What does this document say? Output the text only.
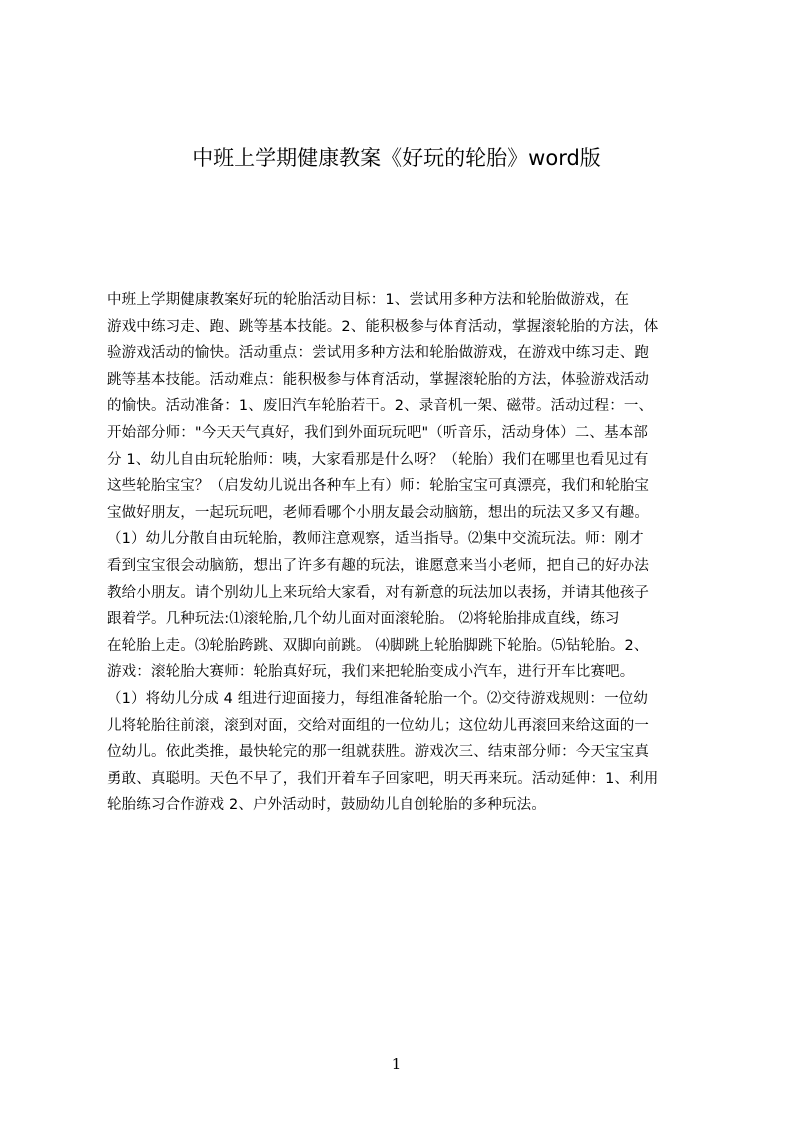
中班上学期健康教案《好玩的轮胎》word版
中班上学期健康教案好玩的轮胎活动目标：1、尝试用多种方法和轮胎做游戏，在
游戏中练习走、跑、跳等基本技能。2、能积极参与体育活动，掌握滚轮胎的方法，体
验游戏活动的愉快。活动重点：尝试用多种方法和轮胎做游戏，在游戏中练习走、跑
跳等基本技能。活动难点：能积极参与体育活动，掌握滚轮胎的方法，体验游戏活动
的愉快。活动准备：1、废旧汽车轮胎若干。2、录音机一架、磁带。活动过程：一、
开始部分师："今天天气真好，我们到外面玩玩吧"（听音乐，活动身体）二、基本部
分 1、幼儿自由玩轮胎师：咦，大家看那是什么呀？（轮胎）我们在哪里也看见过有
这些轮胎宝宝？（启发幼儿说出各种车上有）师：轮胎宝宝可真漂亮，我们和轮胎宝
宝做好朋友，一起玩玩吧，老师看哪个小朋友最会动脑筋，想出的玩法又多又有趣。
（1）幼儿分散自由玩轮胎，教师注意观察，适当指导。⑵集中交流玩法。师：刚才
看到宝宝很会动脑筋，想出了许多有趣的玩法，谁愿意来当小老师，把自己的好办法
教给小朋友。请个别幼儿上来玩给大家看，对有新意的玩法加以表扬，并请其他孩子
跟着学。几种玩法:⑴滚轮胎,几个幼儿面对面滚轮胎。 ⑵将轮胎排成直线，练习
在轮胎上走。⑶轮胎跨跳、双脚向前跳。 ⑷脚跳上轮胎脚跳下轮胎。⑸钻轮胎。2、
游戏：滚轮胎大赛师：轮胎真好玩，我们来把轮胎变成小汽车，进行开车比赛吧。
（1）将幼儿分成 4 组进行迎面接力，每组准备轮胎一个。⑵交待游戏规则：一位幼
儿将轮胎往前滚，滚到对面，交给对面组的一位幼儿；这位幼儿再滚回来给这面的一
位幼儿。依此类推，最快轮完的那一组就获胜。游戏次三、结束部分师：今天宝宝真
勇敢、真聪明。天色不早了，我们开着车子回家吧，明天再来玩。活动延伸：1、利用
轮胎练习合作游戏 2、户外活动时，鼓励幼儿自创轮胎的多种玩法。
1
